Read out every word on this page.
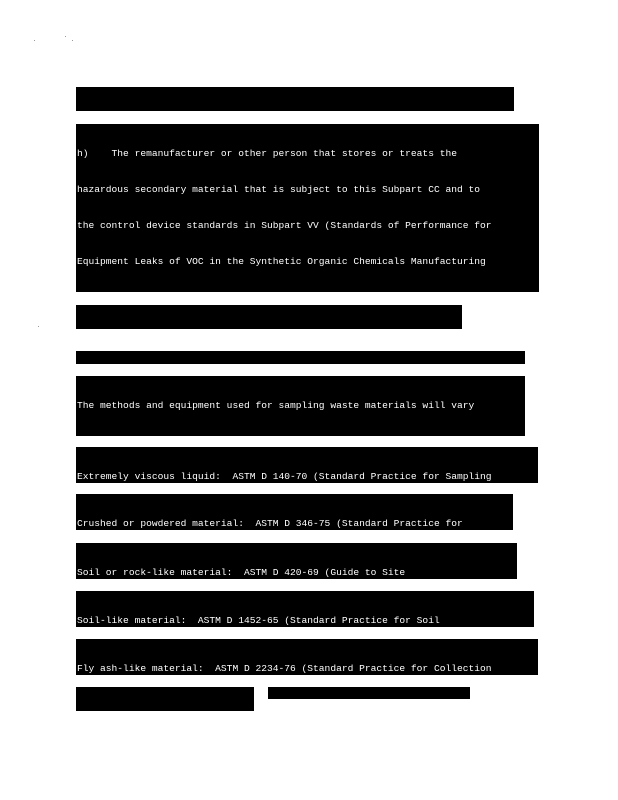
h)    The remanufacturer or other person that stores or treats the

hazardous secondary material that is subject to this Subpart CC and to

the control device standards in Subpart VV (Standards of Performance for

Equipment Leaks of VOC in the Synthetic Organic Chemicals Manufacturing

The methods and equipment used for sampling waste materials will vary

Extremely viscous liquid:  ASTM D 140-70 (Standard Practice for Sampling

Crushed or powdered material:  ASTM D 346-75 (Standard Practice for

Soil or rock-like material:  ASTM D 420-69 (Guide to Site

Soil-like material:  ASTM D 1452-65 (Standard Practice for Soil

Fly ash-like material:  ASTM D 2234-76 (Standard Practice for Collection
